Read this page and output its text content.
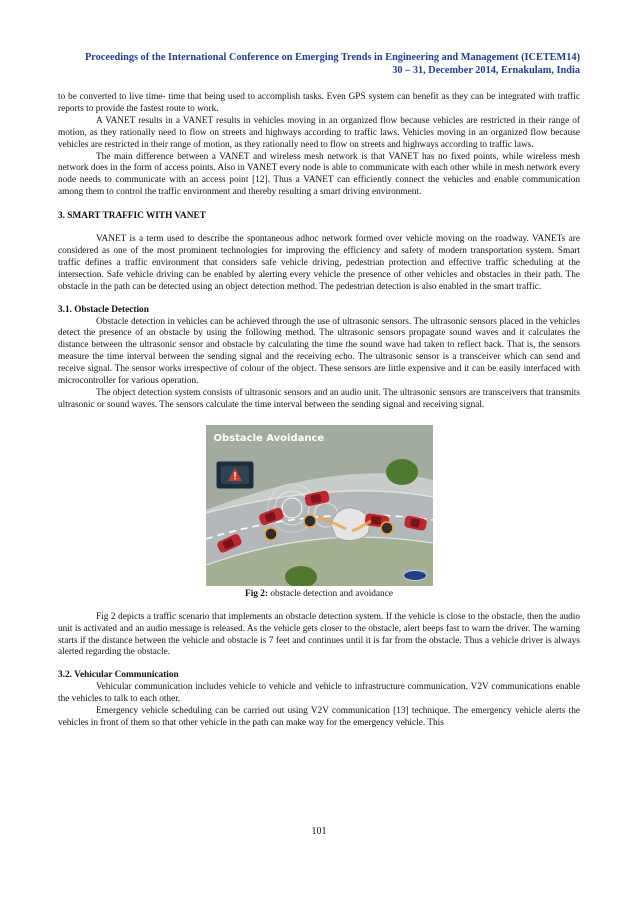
Proceedings of the International Conference on Emerging Trends in Engineering and Management (ICETEM14)
30 – 31, December 2014, Ernakulam, India

to be converted to live time- time that being used to accomplish tasks. Even GPS system can benefit as they can be integrated with traffic reports to provide the fastest route to work.

A VANET results in a VANET results in vehicles moving in an organized flow because vehicles are restricted in their range of motion, as they rationally need to flow on streets and highways according to traffic laws. Vehicles moving in an organized flow because vehicles are restricted in their range of motion, as they rationally need to flow on streets and highways according to traffic laws.

The main difference between a VANET and wireless mesh network is that VANET has no fixed points, while wireless mesh network does in the form of access points. Also in VANET every node is able to communicate with each other while in mesh network every node needs to communicate with an access point [12]. Thus a VANET can efficiently connect the vehicles and enable communication among them to control the traffic environment and thereby resulting a smart driving environment.

3. SMART TRAFFIC WITH VANET

VANET is a term used to describe the spontaneous adhoc network formed over vehicle moving on the roadway. VANETs are considered as one of the most prominent technologies for improving the efficiency and safety of modern transportation system. Smart traffic defines a traffic environment that considers safe vehicle driving, pedestrian protection and effective traffic scheduling at the intersection. Safe vehicle driving can be enabled by alerting every vehicle the presence of other vehicles and obstacles in their path. The obstacle in the path can be detected using an object detection method. The pedestrian detection is also enabled in the smart traffic.

3.1. Obstacle Detection

Obstacle detection in vehicles can be achieved through the use of ultrasonic sensors. The ultrasonic sensors placed in the vehicles detect the presence of an obstacle by using the following method. The ultrasonic sensors propagate sound waves and it calculates the distance between the ultrasonic sensor and obstacle by calculating the time the sound wave had taken to reflect back. That is, the sensors measure the time interval between the sending signal and the receiving echo. The ultrasonic sensor is a transceiver which can send and receive signal. The sensor works irrespective of colour of the object. These sensors are little expensive and it can be easily interfaced with microcontroller for various operation.

The object detection system consists of ultrasonic sensors and an audio unit. The ultrasonic sensors are transceivers that transmits ultrasonic or sound waves. The sensors calculate the time interval between the sending signal and receiving signal.

Obstacle Avoidance
Fig 2: obstacle detection and avoidance

Fig 2 depicts a traffic scenario that implements an obstacle detection system. If the vehicle is close to the obstacle, then the audio unit is activated and an audio message is released. As the vehicle gets closer to the obstacle, alert beeps fast to warn the driver. The warning starts if the distance between the vehicle and obstacle is 7 feet and continues until it is far from the obstacle. Thus a vehicle driver is always alerted regarding the obstacle.

3.2. Vehicular Communication

Vehicular communication includes vehicle to vehicle and vehicle to infrastructure communication. V2V communications enable the vehicles to talk to each other.

Emergency vehicle scheduling can be carried out using V2V communication [13] technique. The emergency vehicle alerts the vehicles in front of them so that other vehicle in the path can make way for the emergency vehicle. This

101
